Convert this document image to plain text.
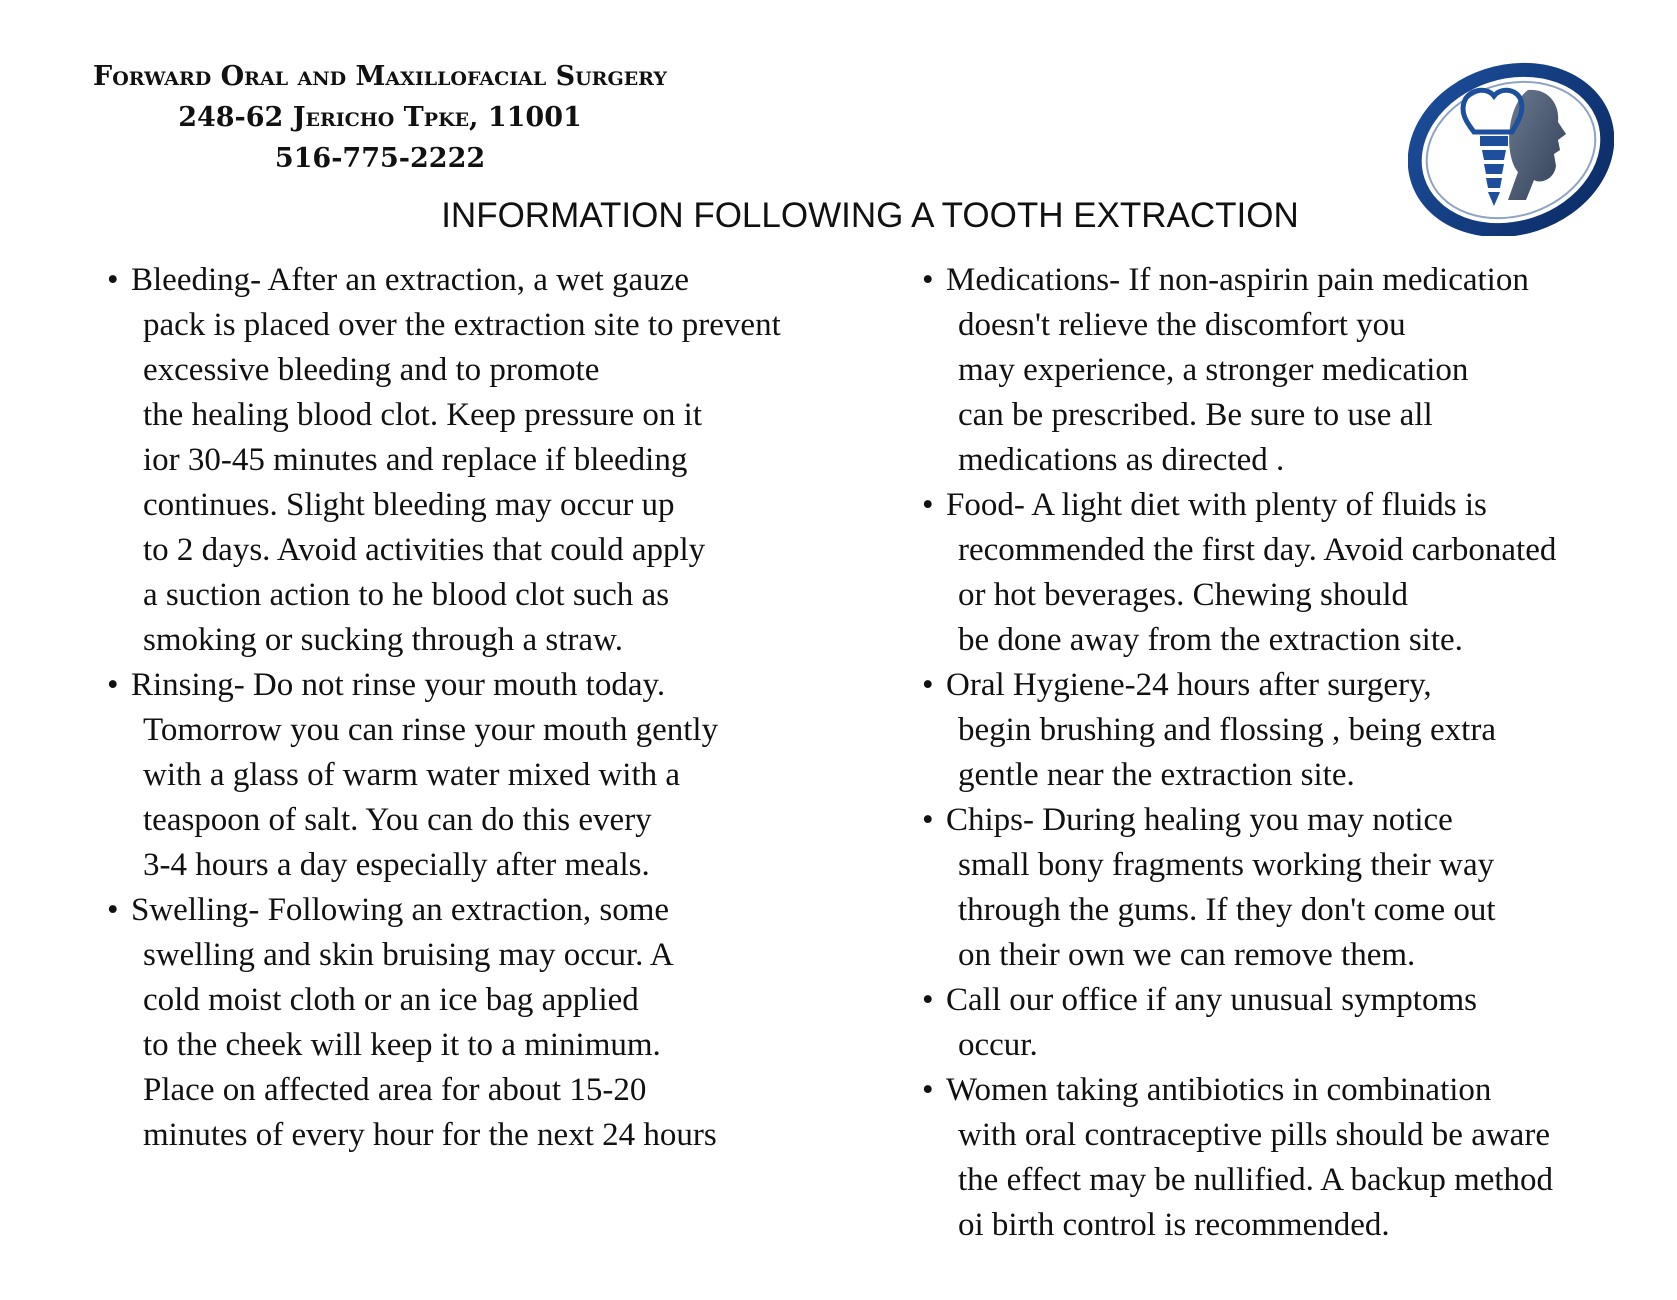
Forward Oral and Maxillofacial Surgery
248-62 Jericho Tpke, 11001
516-775-2222
INFORMATION FOLLOWING A TOOTH EXTRACTION
• Bleeding- After an extraction, a wet gauze
pack is placed over the extraction site to prevent
excessive bleeding and to promote
the healing blood clot. Keep pressure on it
ior 30-45 minutes and replace if bleeding
continues. Slight bleeding may occur up
to 2 days. Avoid activities that could apply
a suction action to he blood clot such as
smoking or sucking through a straw.
• Rinsing- Do not rinse your mouth today.
Tomorrow you can rinse your mouth gently
with a glass of warm water mixed with a
teaspoon of salt. You can do this every
3-4 hours a day especially after meals.
• Swelling- Following an extraction, some
swelling and skin bruising may occur. A
cold moist cloth or an ice bag applied
to the cheek will keep it to a minimum.
Place on affected area for about 15-20
minutes of every hour for the next 24 hours
• Medications- If non-aspirin pain medication
doesn't relieve the discomfort you
may experience, a stronger medication
can be prescribed. Be sure to use all
medications as directed .
• Food- A light diet with plenty of fluids is
recommended the first day. Avoid carbonated
or hot beverages. Chewing should
be done away from the extraction site.
• Oral Hygiene-24 hours after surgery,
begin brushing and flossing , being extra
gentle near the extraction site.
• Chips- During healing you may notice
small bony fragments working their way
through the gums. If they don't come out
on their own we can remove them.
• Call our office if any unusual symptoms
occur.
• Women taking antibiotics in combination
with oral contraceptive pills should be aware
the effect may be nullified. A backup method
oi birth control is recommended.
